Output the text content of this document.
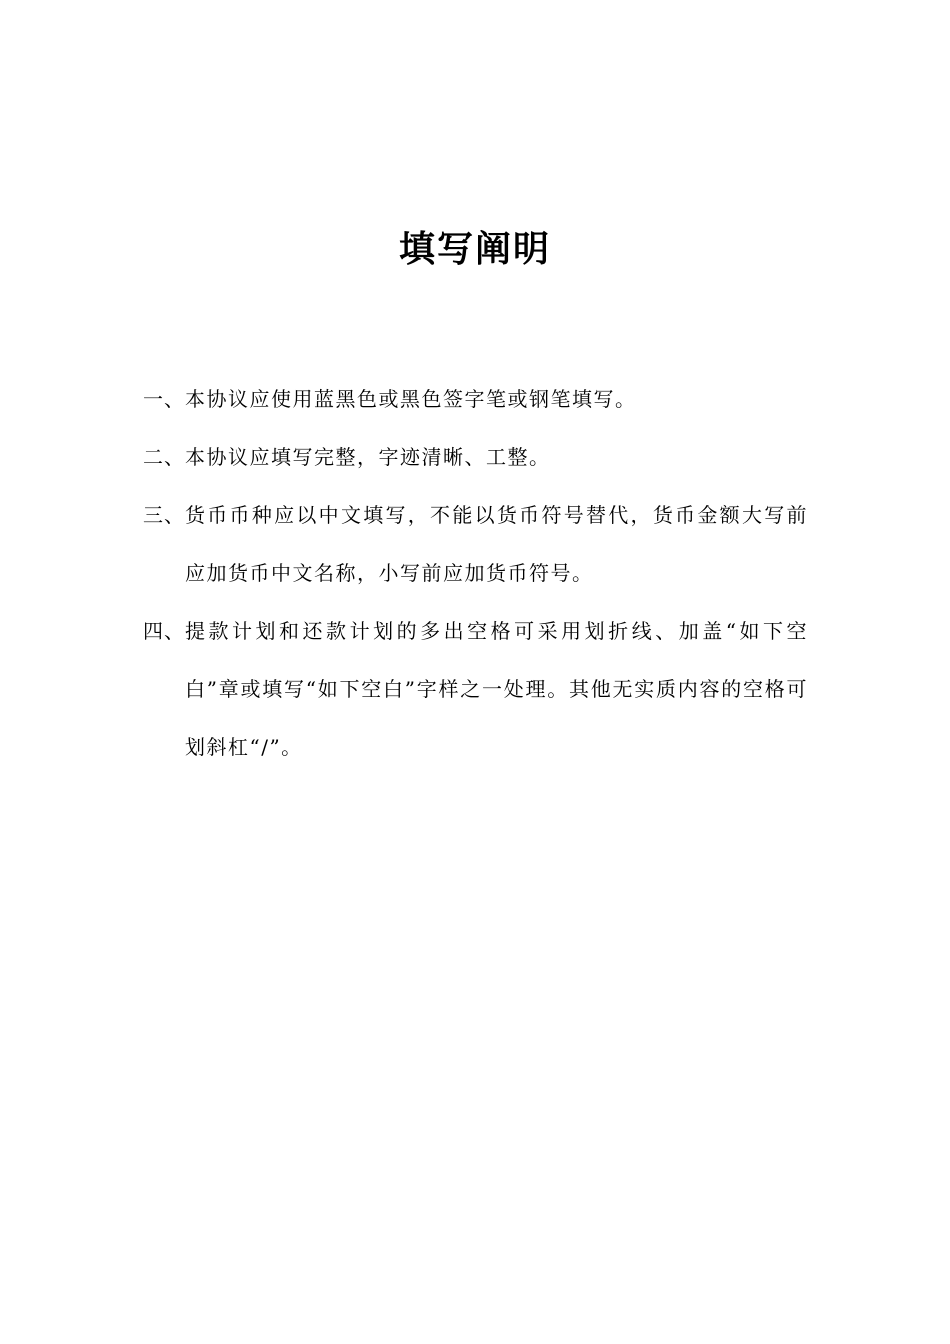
填写阐明
一、 本协议应使用蓝黑色或黑色签字笔或钢笔填写。
二、 本协议应填写完整，字迹清晰、工整。
三、 货币币种应以中文填写，不能以货币符号替代，货币金额大写前应加货币中文名称，小写前应加货币符号。
四、 提款计划和还款计划的多出空格可采用划折线、加盖“如下空白”章或填写“如下空白”字样之一处理。其他无实质内容的空格可划斜杠“/”。
